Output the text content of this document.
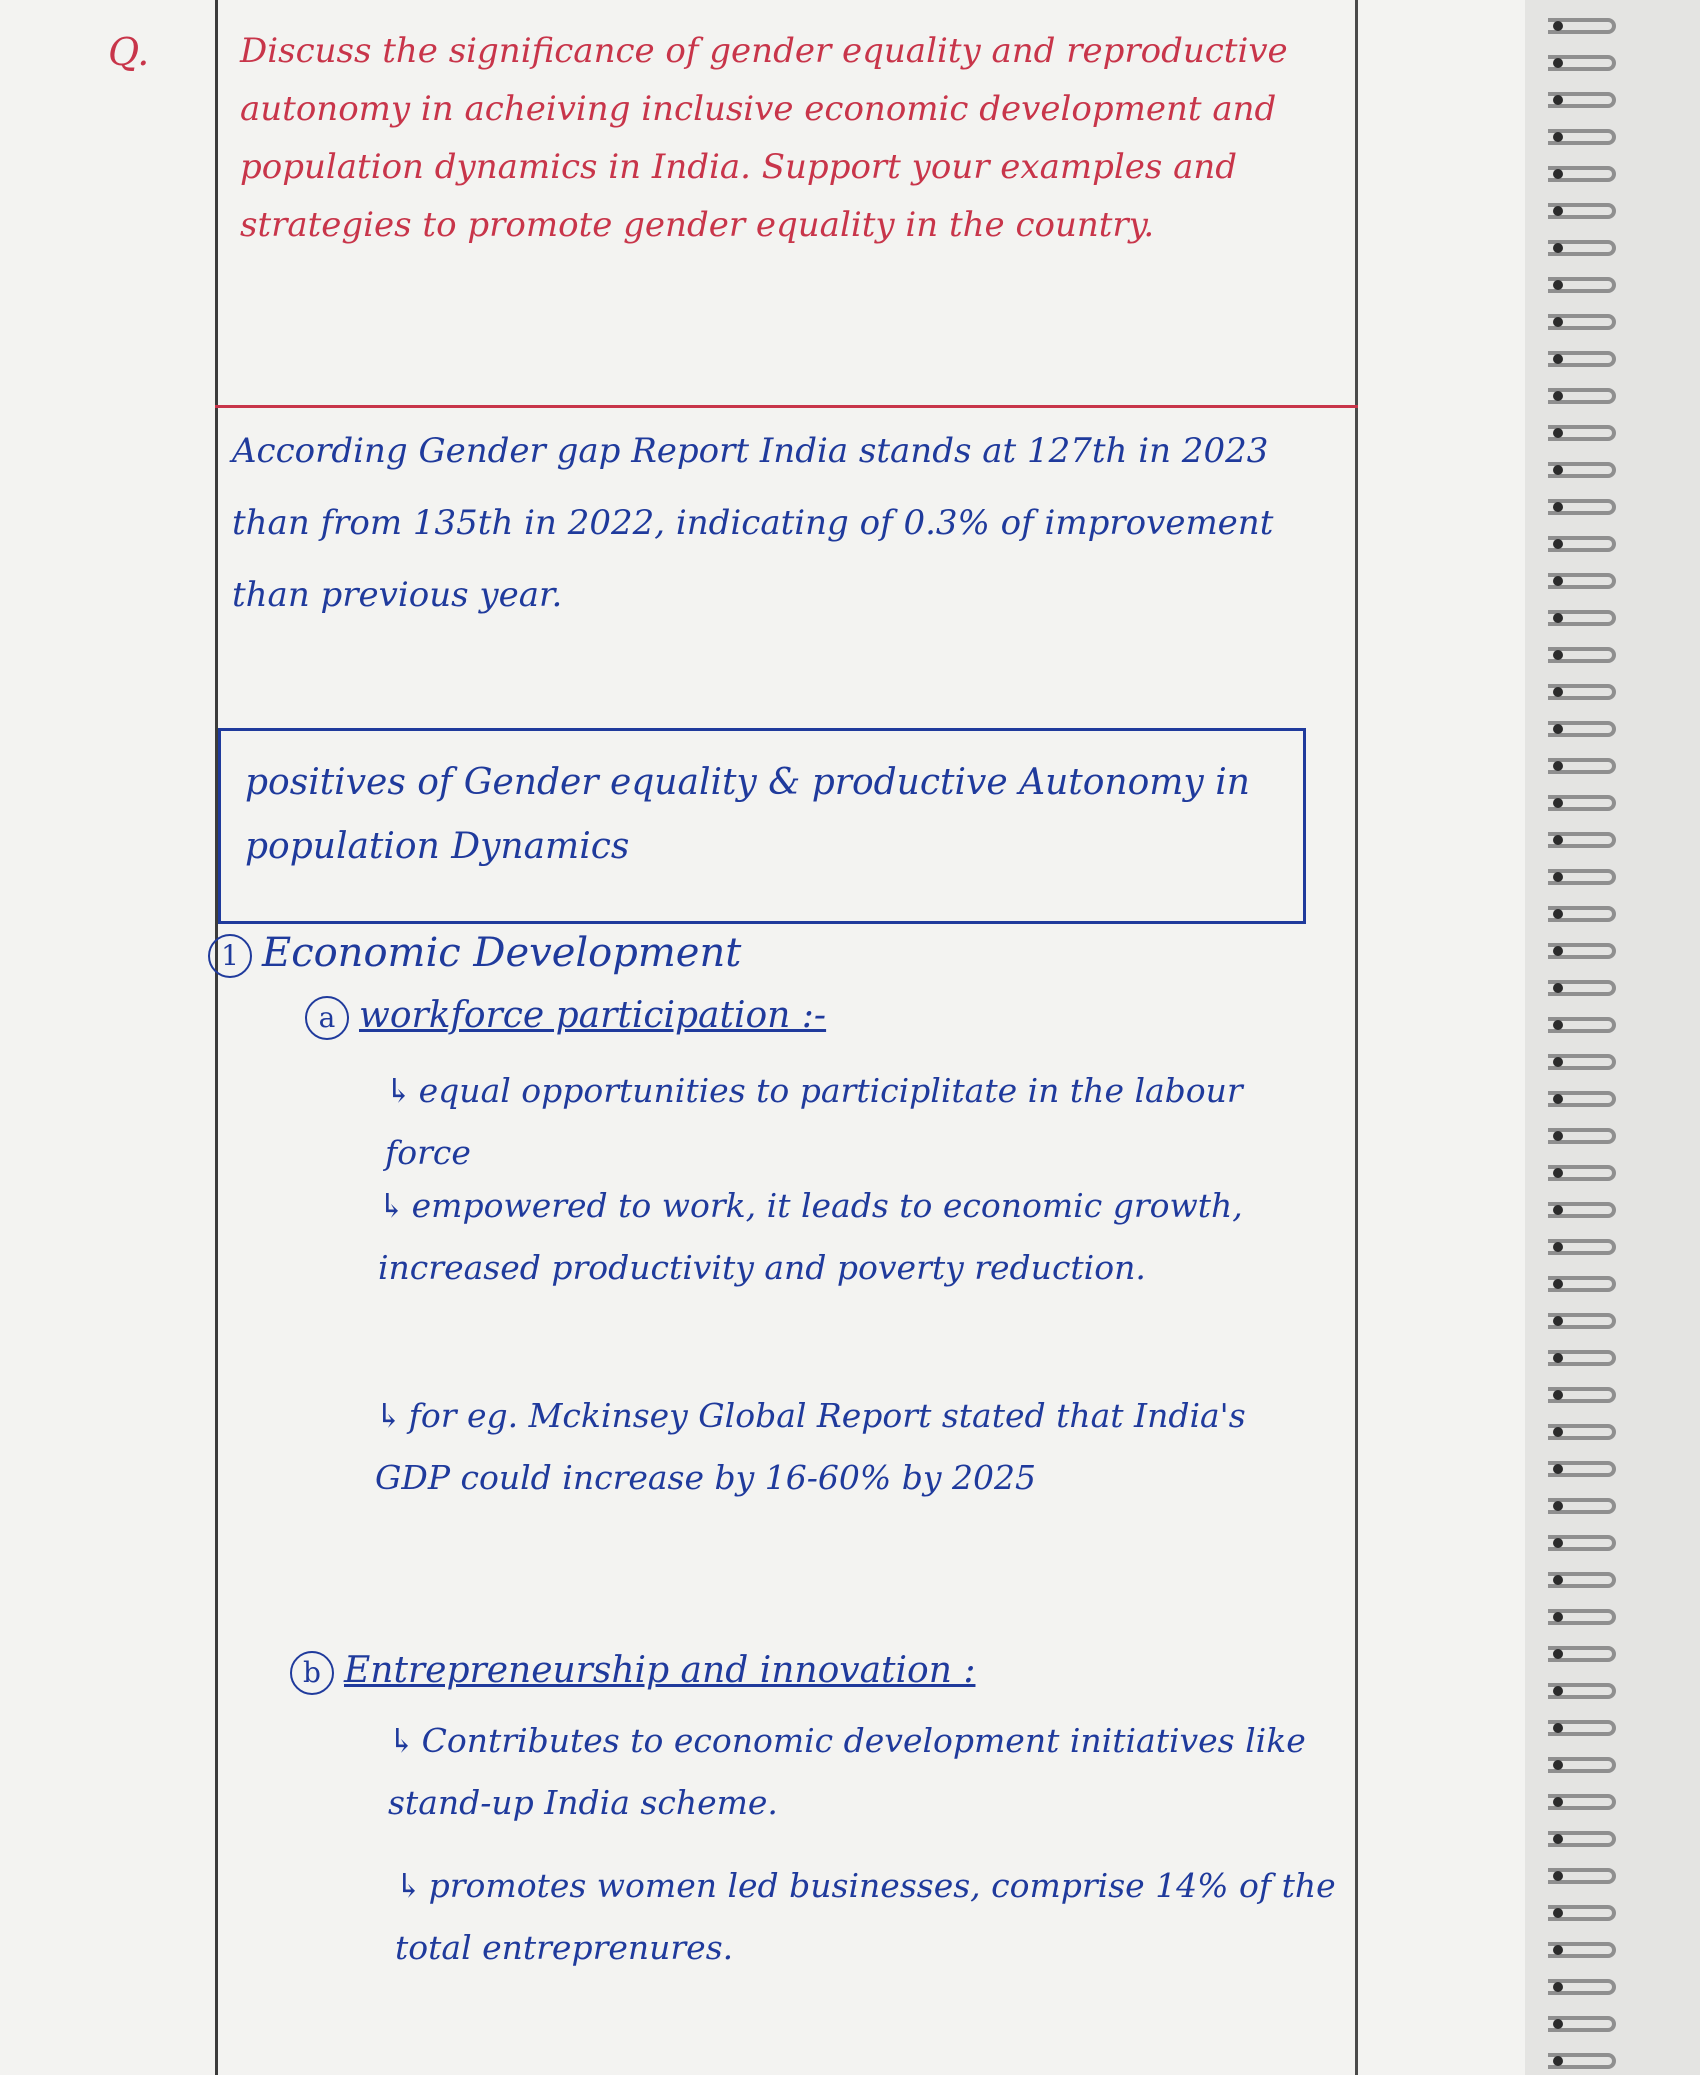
Q.	Discuss the significance of gender equality and reproductive autonomy in acheiving inclusive economic development and population dynamics in India. Support your examples and strategies to promote gender equality in the country.

According Gender gap Report India stands at 127th in 2023 than from 135th in 2022, indicating of 0.3% of improvement than previous year.

positives of Gender equality & productive Autonomy in population Dynamics
1 Economic Development
a workforce participation :-

↳ equal opportunities to participlitate in the labour force

↳ empowered to work, it leads to economic growth, increased productivity and poverty reduction.

↳ for eg. Mckinsey Global Report stated that India's GDP could increase by 16-60% by 2025

b Entrepreneurship and innovation :

↳ Contributes to economic development initiatives like stand-up India scheme.

↳ promotes women led businesses, comprise 14% of the total entreprenures.
